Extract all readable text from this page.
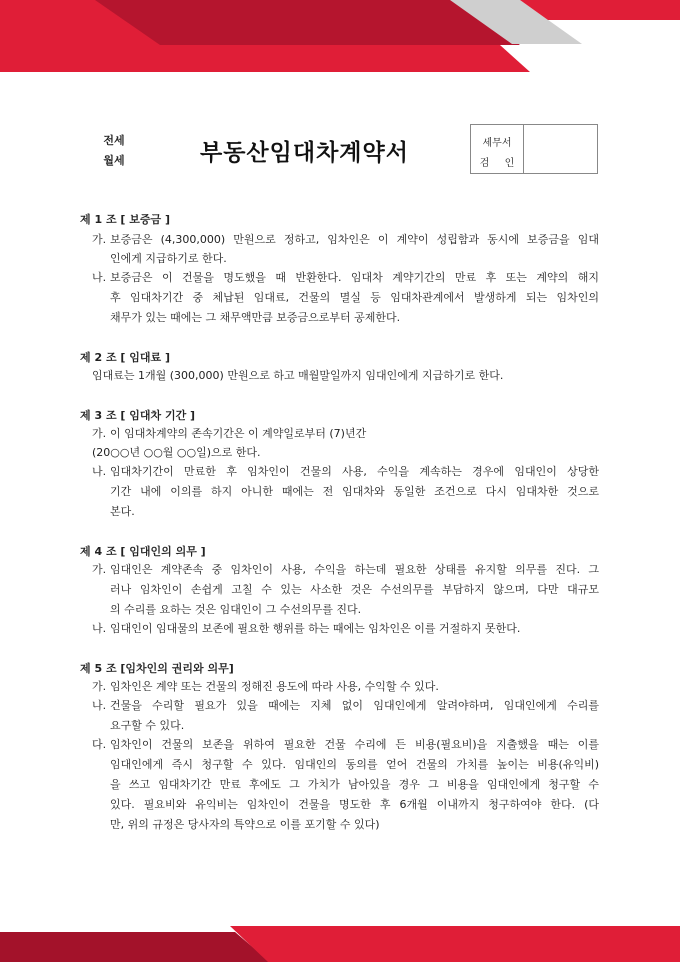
전세
월세	부동산임대차계약서	세무서
검 인
제 1 조 [ 보증금 ]
가. 보증금은 (4,300,000) 만원으로 정하고, 임차인은 이 계약이 성립함과 동시에 보증금을 임대
인에게 지급하기로 한다.
나. 보증금은 이 건물을 명도했을 때 반환한다. 임대차 계약기간의 만료 후 또는 계약의 해지
후 임대차기간 중 체납된 임대료, 건물의 멸실 등 임대차관계에서 발생하게 되는 임차인의
채무가 있는 때에는 그 채무액만큼 보증금으로부터 공제한다.
제 2 조 [ 임대료 ]
임대료는 1개월 (300,000) 만원으로 하고 매월말일까지 임대인에게 지급하기로 한다.
제 3 조 [ 임대차 기간 ]
가. 이 임대차계약의 존속기간은 이 계약일로부터 (7)년간
(20○○년 ○○월 ○○일)으로 한다.
나. 임대차기간이 만료한 후 임차인이 건물의 사용, 수익을 계속하는 경우에 임대인이 상당한
기간 내에 이의를 하지 아니한 때에는 전 임대차와 동일한 조건으로 다시 임대차한 것으로
본다.
제 4 조 [ 임대인의 의무 ]
가. 임대인은 계약존속 중 임차인이 사용, 수익을 하는데 필요한 상태를 유지할 의무를 진다. 그
러나 임차인이 손쉽게 고칠 수 있는 사소한 것은 수선의무를 부담하지 않으며, 다만 대규모
의 수리를 요하는 것은 임대인이 그 수선의무를 진다.
나. 임대인이 임대물의 보존에 필요한 행위를 하는 때에는 임차인은 이를 거절하지 못한다.
제 5 조 [임차인의 권리와 의무]
가. 임차인은 계약 또는 건물의 정해진 용도에 따라 사용, 수익할 수 있다.
나. 건물을 수리할 필요가 있을 때에는 지체 없이 임대인에게 알려야하며, 임대인에게 수리를
요구할 수 있다.
다. 임차인이 건물의 보존을 위하여 필요한 건물 수리에 든 비용(필요비)을 지출했을 때는 이를
임대인에게 즉시 청구할 수 있다. 임대인의 동의를 얻어 건물의 가치를 높이는 비용(유익비)
을 쓰고 임대차기간 만료 후에도 그 가치가 남아있을 경우 그 비용을 임대인에게 청구할 수
있다. 필요비와 유익비는 임차인이 건물을 명도한 후 6개월 이내까지 청구하여야 한다. (다
만, 위의 규정은 당사자의 특약으로 이를 포기할 수 있다)
